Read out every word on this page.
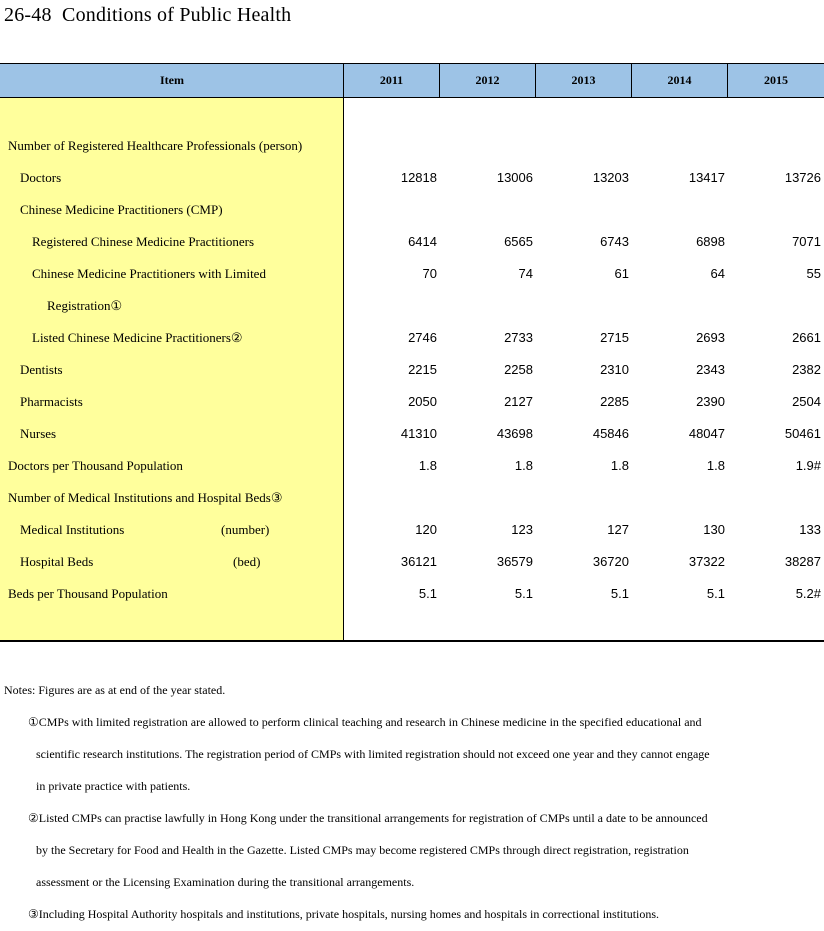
26-48  Conditions of Public Health
Item	2011	2012	2013	2014	2015
Number of Registered Healthcare Professionals (person)
Doctors	12818	13006	13203	13417	13726
Chinese Medicine Practitioners (CMP)
Registered Chinese Medicine Practitioners	6414	6565	6743	6898	7071
Chinese Medicine Practitioners with Limited	70	74	61	64	55
Registration①
Listed Chinese Medicine Practitioners②	2746	2733	2715	2693	2661
Dentists	2215	2258	2310	2343	2382
Pharmacists	2050	2127	2285	2390	2504
Nurses	41310	43698	45846	48047	50461
Doctors per Thousand Population	1.8	1.8	1.8	1.8	1.9#
Number of Medical Institutions and Hospital Beds③
Medical Institutions	(number)	120	123	127	130	133
Hospital Beds	(bed)	36121	36579	36720	37322	38287
Beds per Thousand Population	5.1	5.1	5.1	5.1	5.2#
Notes: Figures are as at end of the year stated.
①CMPs with limited registration are allowed to perform clinical teaching and research in Chinese medicine in the specified educational and
scientific research institutions. The registration period of CMPs with limited registration should not exceed one year and they cannot engage
in private practice with patients.
②Listed CMPs can practise lawfully in Hong Kong under the transitional arrangements for registration of CMPs until a date to be announced
by the Secretary for Food and Health in the Gazette. Listed CMPs may become registered CMPs through direct registration, registration
assessment or the Licensing Examination during the transitional arrangements.
③Including Hospital Authority hospitals and institutions, private hospitals, nursing homes and hospitals in correctional institutions.
